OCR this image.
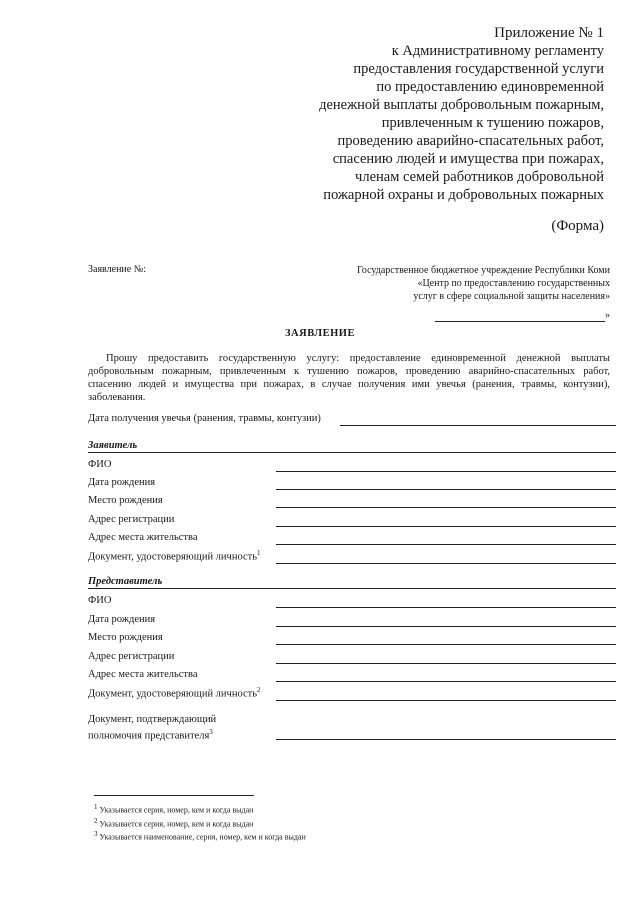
Приложение № 1
к Административному регламенту
предоставления государственной услуги
по предоставлению единовременной
денежной выплаты добровольным пожарным,
привлеченным к тушению пожаров,
проведению аварийно-спасательных работ,
спасению людей и имущества при пожарах,
членам семей работников добровольной
пожарной охраны и добровольных пожарных
(Форма)
Заявление №:	Государственное бюджетное учреждение Республики Коми
«Центр по предоставлению государственных
услуг в сфере социальной защиты населения»
»
ЗАЯВЛЕНИЕ
Прошу предоставить государственную услугу: предоставление единовременной денежной выплаты добровольным пожарным, привлеченным к тушению пожаров, проведению аварийно-спасательных работ, спасению людей и имущества при пожарах, в случае получения ими увечья (ранения, травмы, контузии), заболевания.
Дата получения увечья (ранения, травмы, контузии)
Заявитель
ФИО
Дата рождения
Место рождения
Адрес регистрации
Адрес места жительства
Документ, удостоверяющий личность$^1$
Представитель
ФИО
Дата рождения
Место рождения
Адрес регистрации
Адрес места жительства
Документ, удостоверяющий личность$^2$
Документ, подтверждающий
полномочия представителя$^3$
$^1$ Указывается серия, номер, кем и когда выдан
$^2$ Указывается серия, номер, кем и когда выдан
$^3$ Указывается наименование, серия, номер, кем и когда выдан
